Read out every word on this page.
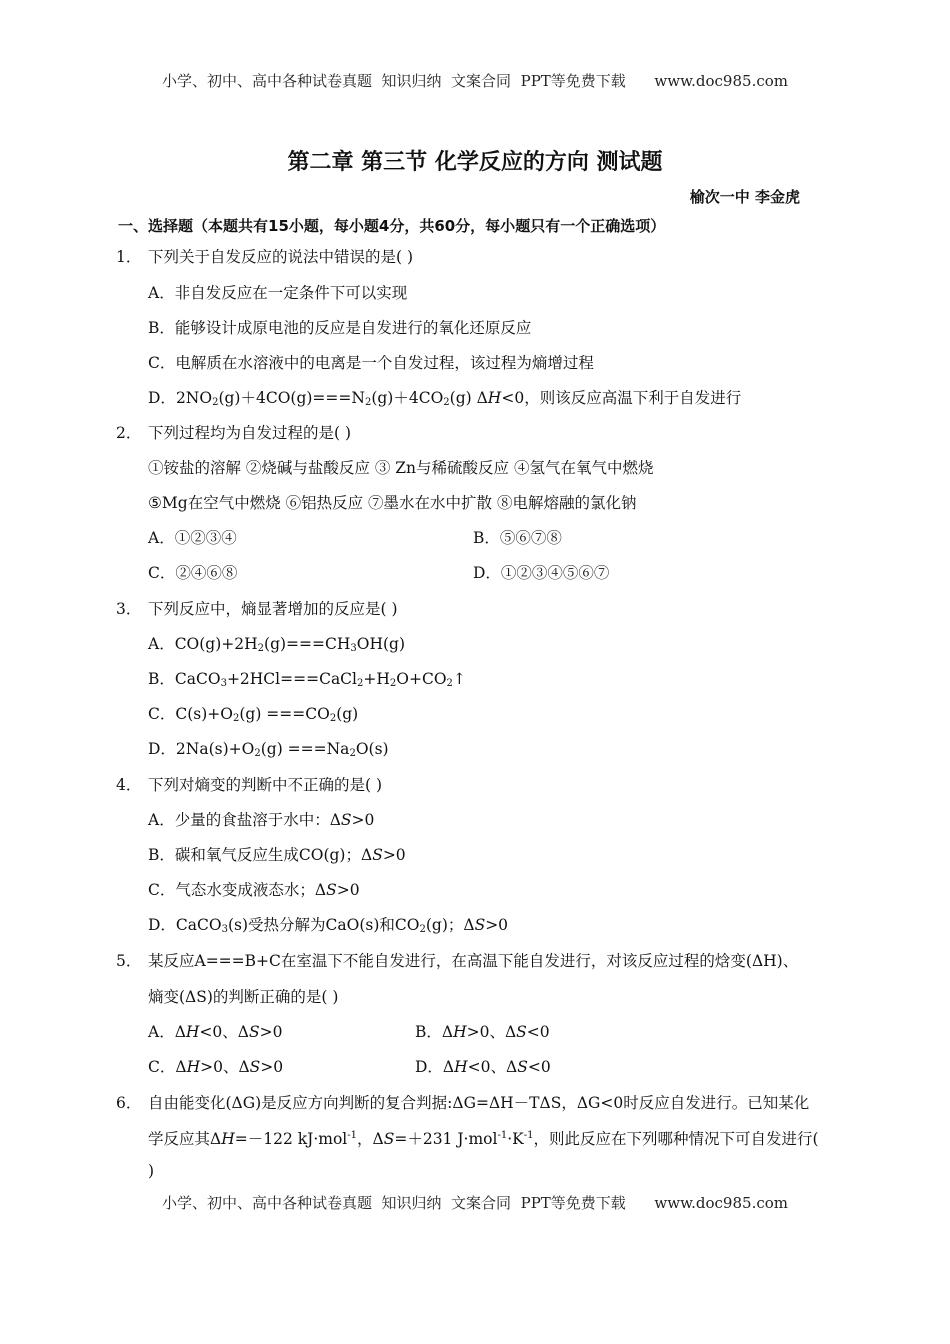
小学、初中、高中各种试卷真题  知识归纳  文案合同  PPT等免费下载      www.doc985.com
第二章 第三节 化学反应的方向 测试题
榆次一中 李金虎
一、选择题（本题共有15小题，每小题4分，共60分，每小题只有一个正确选项）
1． 下列关于自发反应的说法中错误的是( )
A．非自发反应在一定条件下可以实现
B．能够设计成原电池的反应是自发进行的氧化还原反应
C．电解质在水溶液中的电离是一个自发过程，该过程为熵增过程
D．$2NO_2(g)+4CO(g)===N_2(g)+4CO_2(g)$ ΔH<0，则该反应高温下利于自发进行
2． 下列过程均为自发过程的是( )
①铵盐的溶解 ②烧碱与盐酸反应 ③ Zn与稀硫酸反应 ④氢气在氧气中燃烧
⑤Mg在空气中燃烧 ⑥铝热反应 ⑦墨水在水中扩散 ⑧电解熔融的氯化钠
A．①②③④	B．⑤⑥⑦⑧
C．②④⑥⑧	D．①②③④⑤⑥⑦
3． 下列反应中，熵显著增加的反应是( )
A．$CO(g)+2H_2(g)===CH_3OH(g)$
B．$CaCO_3+2HCl===CaCl_2+H_2O+CO_2↑$
C．$C(s)+O_2(g) ===CO_2(g)$
D．$2Na(s)+O_2(g) ===Na_2O(s)$
4． 下列对熵变的判断中不正确的是( )
A．少量的食盐溶于水中：ΔS>0
B．碳和氧气反应生成CO(g)；ΔS>0
C．气态水变成液态水；ΔS>0
D．CaCO$_3$(s)受热分解为CaO(s)和$CO_2(g)$；ΔS>0
5． 某反应A===B+C在室温下不能自发进行，在高温下能自发进行，对该反应过程的焓变(ΔH)、
熵变(ΔS)的判断正确的是( )
A．ΔH<0、ΔS>0	B．ΔH>0、ΔS<0
C．ΔH>0、ΔS>0	D．ΔH<0、ΔS<0
6． 自由能变化(ΔG)是反应方向判断的复合判据:ΔG=ΔH－TΔS，ΔG<0时反应自发进行。已知某化
学反应其ΔH=－122 kJ·mol$^{-1}$，ΔS=＋231 $J\cdot mol^{-1}\cdot K^{-1}$，则此反应在下列哪种情况下可自发进行(
)
小学、初中、高中各种试卷真题  知识归纳  文案合同  PPT等免费下载      www.doc985.com
